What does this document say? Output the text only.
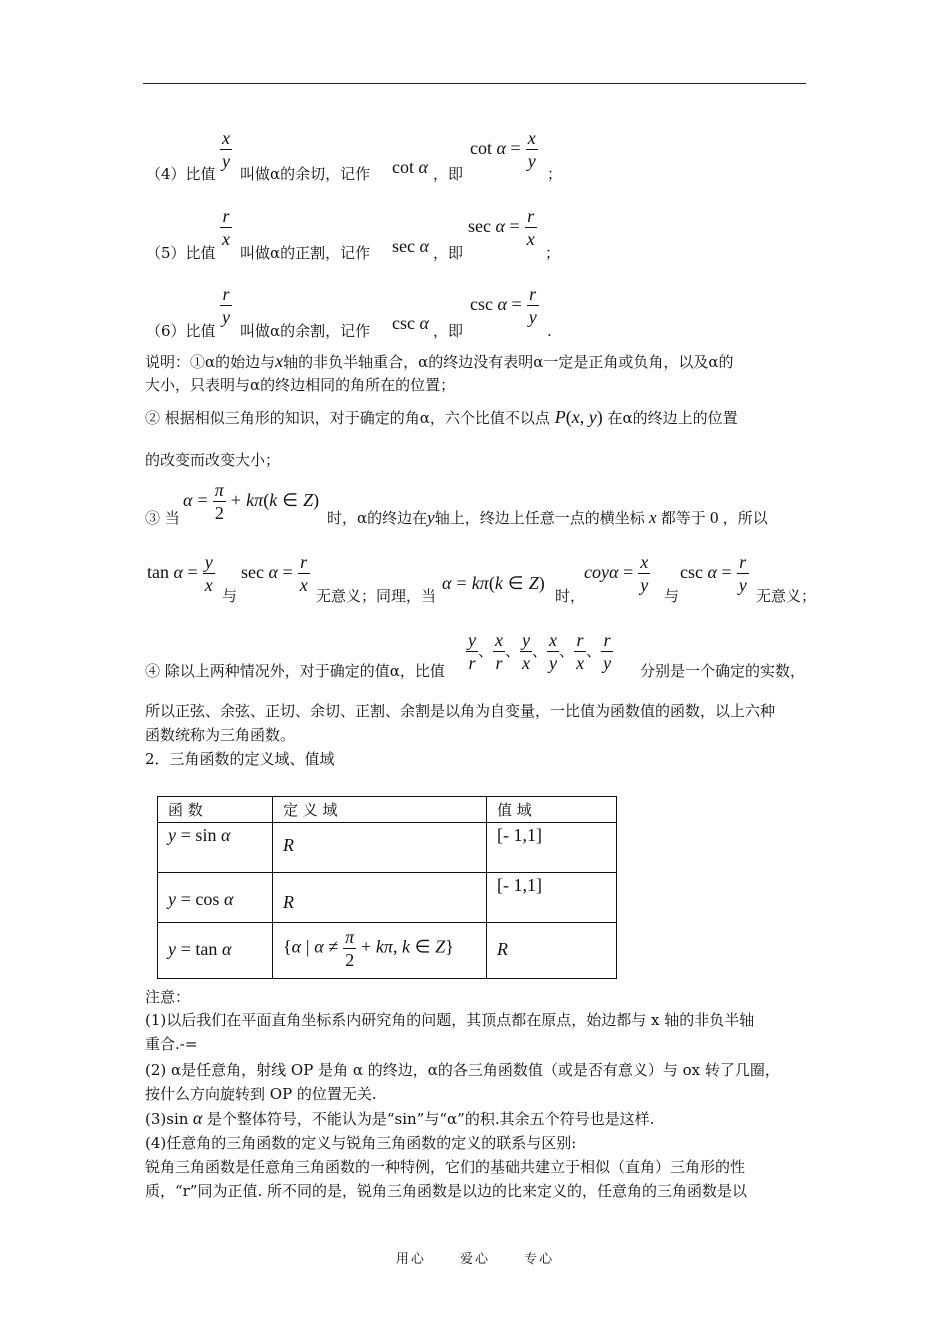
（4）比值
$\frac{x}{y}$
叫做α的余切，记作 cot α ，即
$\cot \alpha = \frac{x}{y}$
；
（5）比值
$\frac{r}{x}$
叫做α的正割，记作 sec α ，即
$\sec \alpha = \frac{r}{x}$
；
（6）比值
$\frac{r}{y}$
叫做α的余割，记作 csc α ，即
$\csc \alpha = \frac{r}{y}$
.
说明：①α的始边与x轴的非负半轴重合，α的终边没有表明α一定是正角或负角，以及α的
大小，只表明与α的终边相同的角所在的位置；
② 根据相似三角形的知识，对于确定的角α，六个比值不以点 P(x, y) 在α的终边上的位置
的改变而改变大小；
③ 当
$\alpha = \frac{\pi}{2} + k\pi(k$ ∈ Z)
时，α的终边在y轴上，终边上任意一点的横坐标 x 都等于 0 ，所以
$\tan \alpha = \frac{y}{x}$
与
$\sec \alpha = \frac{r}{x}$
无意义；同理，当
α = kπ(k ∈ Z)
时，
$coy\alpha = \frac{x}{y}$
与
$\csc \alpha = \frac{r}{y}$
无意义；
④ 除以上两种情况外，对于确定的值α，比值 $\frac{y}{r}$ 、 $\frac{x}{r}$ 、 $\frac{y}{x}$ 、 $\frac{x}{y}$ 、 $\frac{r}{x}$ 、 $\frac{r}{y}$ 分别是一个确定的实数，
所以正弦、余弦、正切、余切、正割、余割是以角为自变量，一比值为函数值的函数，以上六种
函数统称为三角函数。
2．三角函数的定义域、值域
函 数	定 义 域	值 域
y = sin α	R	[- 1,1]

y = cos α	R	[- 1,1]

y = tan α	{α | $\alpha \ne \frac{\pi}{2} + k\pi$, k ∈ Z}	R
注意：
(1)以后我们在平面直角坐标系内研究角的问题，其顶点都在原点，始边都与 x 轴的非负半轴
重合.-=
(2) α是任意角，射线 OP 是角 α 的终边，α的各三角函数值（或是否有意义）与 ox 转了几圈，
按什么方向旋转到 OP 的位置无关.
(3)sin α 是个整体符号，不能认为是“sin”与“α”的积.其余五个符号也是这样.
(4)任意角的三角函数的定义与锐角三角函数的定义的联系与区别:
锐角三角函数是任意角三角函数的一种特例，它们的基础共建立于相似（直角）三角形的性
质，“r”同为正值. 所不同的是，锐角三角函数是以边的比来定义的，任意角的三角函数是以
用心	爱心	专心
